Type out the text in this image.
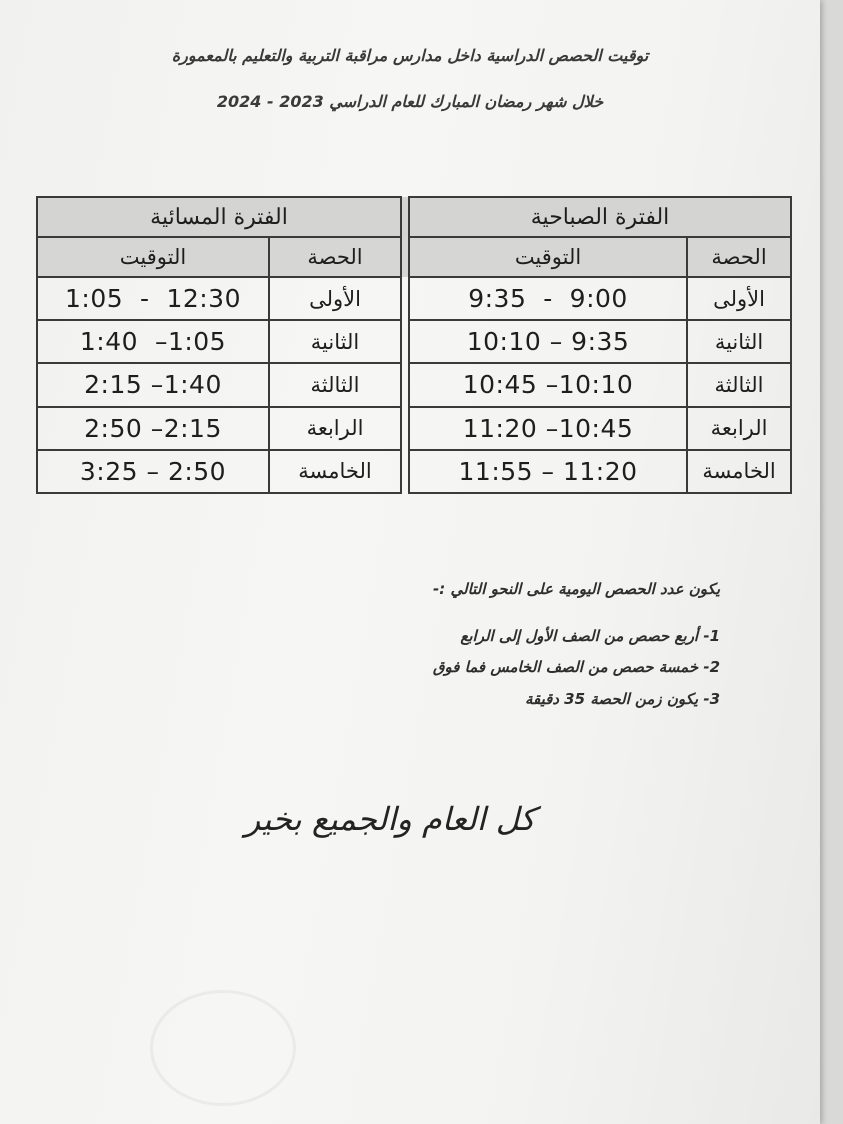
توقيت الحصص الدراسية داخل مدارس مراقبة التربية والتعليم بالمعمورة
خلال شهر رمضان المبارك للعام الدراسي 2023 - 2024
الفترة الصباحية			الفترة المسائية	
الحصة	التوقيت		الحصة	التوقيت
الأولى	9:35  -  9:00		الأولى	1:05  -  12:30
الثانية	10:10 – 9:35		الثانية	1:40  –1:05
الثالثة	10:45 –10:10		الثالثة	2:15 –1:40
الرابعة	11:20 –10:45		الرابعة	2:50 –2:15
الخامسة	11:55 – 11:20		الخامسة	3:25 – 2:50
يكون عدد الحصص اليومية على النحو التالي :-
1- أربع حصص من الصف الأول إلى الرابع
2- خمسة حصص من الصف الخامس فما فوق
3- يكون زمن الحصة 35 دقيقة
كل العام والجميع بخير
